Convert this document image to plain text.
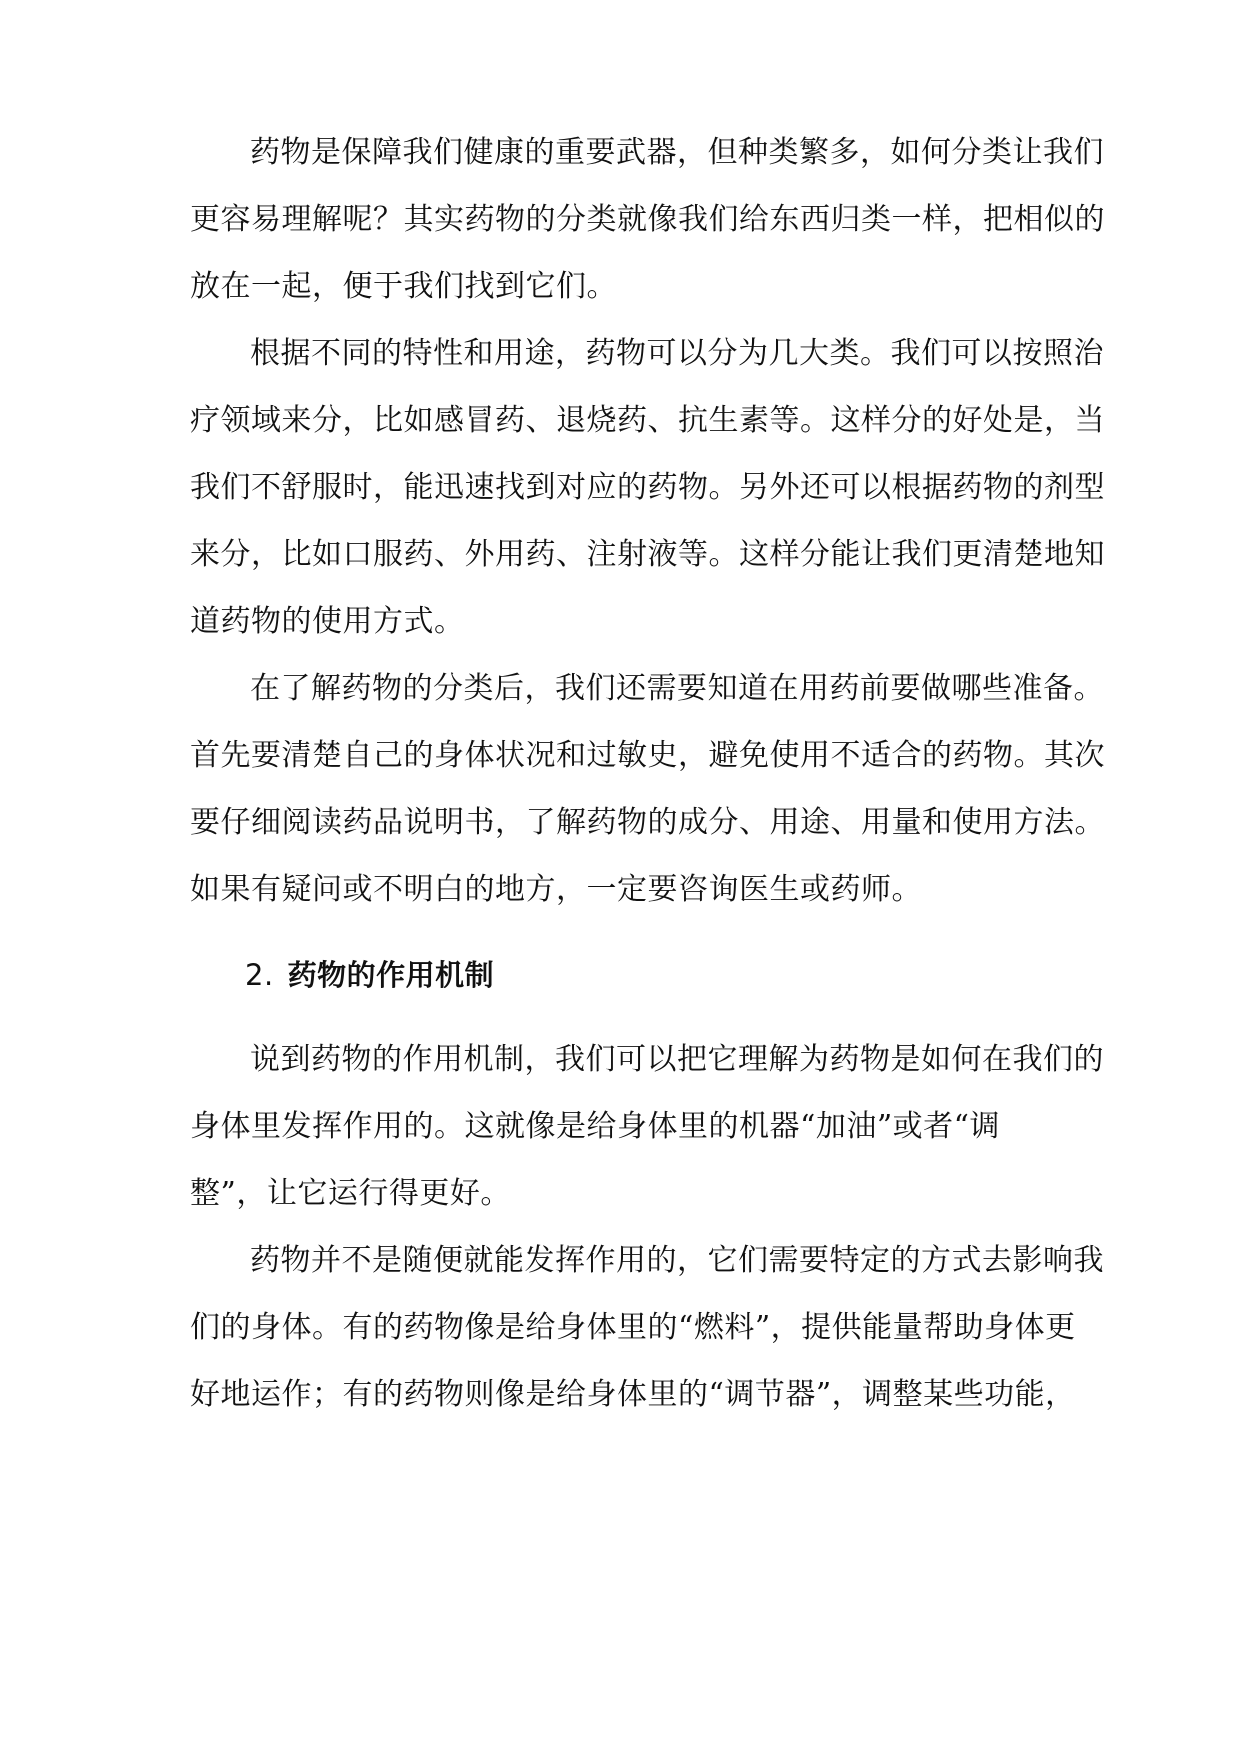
药物是保障我们健康的重要武器，但种类繁多，如何分类让我们
更容易理解呢？其实药物的分类就像我们给东西归类一样，把相似的
放在一起，便于我们找到它们。
根据不同的特性和用途，药物可以分为几大类。我们可以按照治
疗领域来分，比如感冒药、退烧药、抗生素等。这样分的好处是，当
我们不舒服时，能迅速找到对应的药物。另外还可以根据药物的剂型
来分，比如口服药、外用药、注射液等。这样分能让我们更清楚地知
道药物的使用方式。
在了解药物的分类后，我们还需要知道在用药前要做哪些准备。
首先要清楚自己的身体状况和过敏史，避免使用不适合的药物。其次
要仔细阅读药品说明书，了解药物的成分、用途、用量和使用方法。
如果有疑问或不明白的地方，一定要咨询医生或药师。
2. 药物的作用机制
说到药物的作用机制，我们可以把它理解为药物是如何在我们的
身体里发挥作用的。这就像是给身体里的机器“加油”或者“调
整”，让它运行得更好。
药物并不是随便就能发挥作用的，它们需要特定的方式去影响我
们的身体。有的药物像是给身体里的“燃料”，提供能量帮助身体更
好地运作；有的药物则像是给身体里的“调节器”，调整某些功能，
